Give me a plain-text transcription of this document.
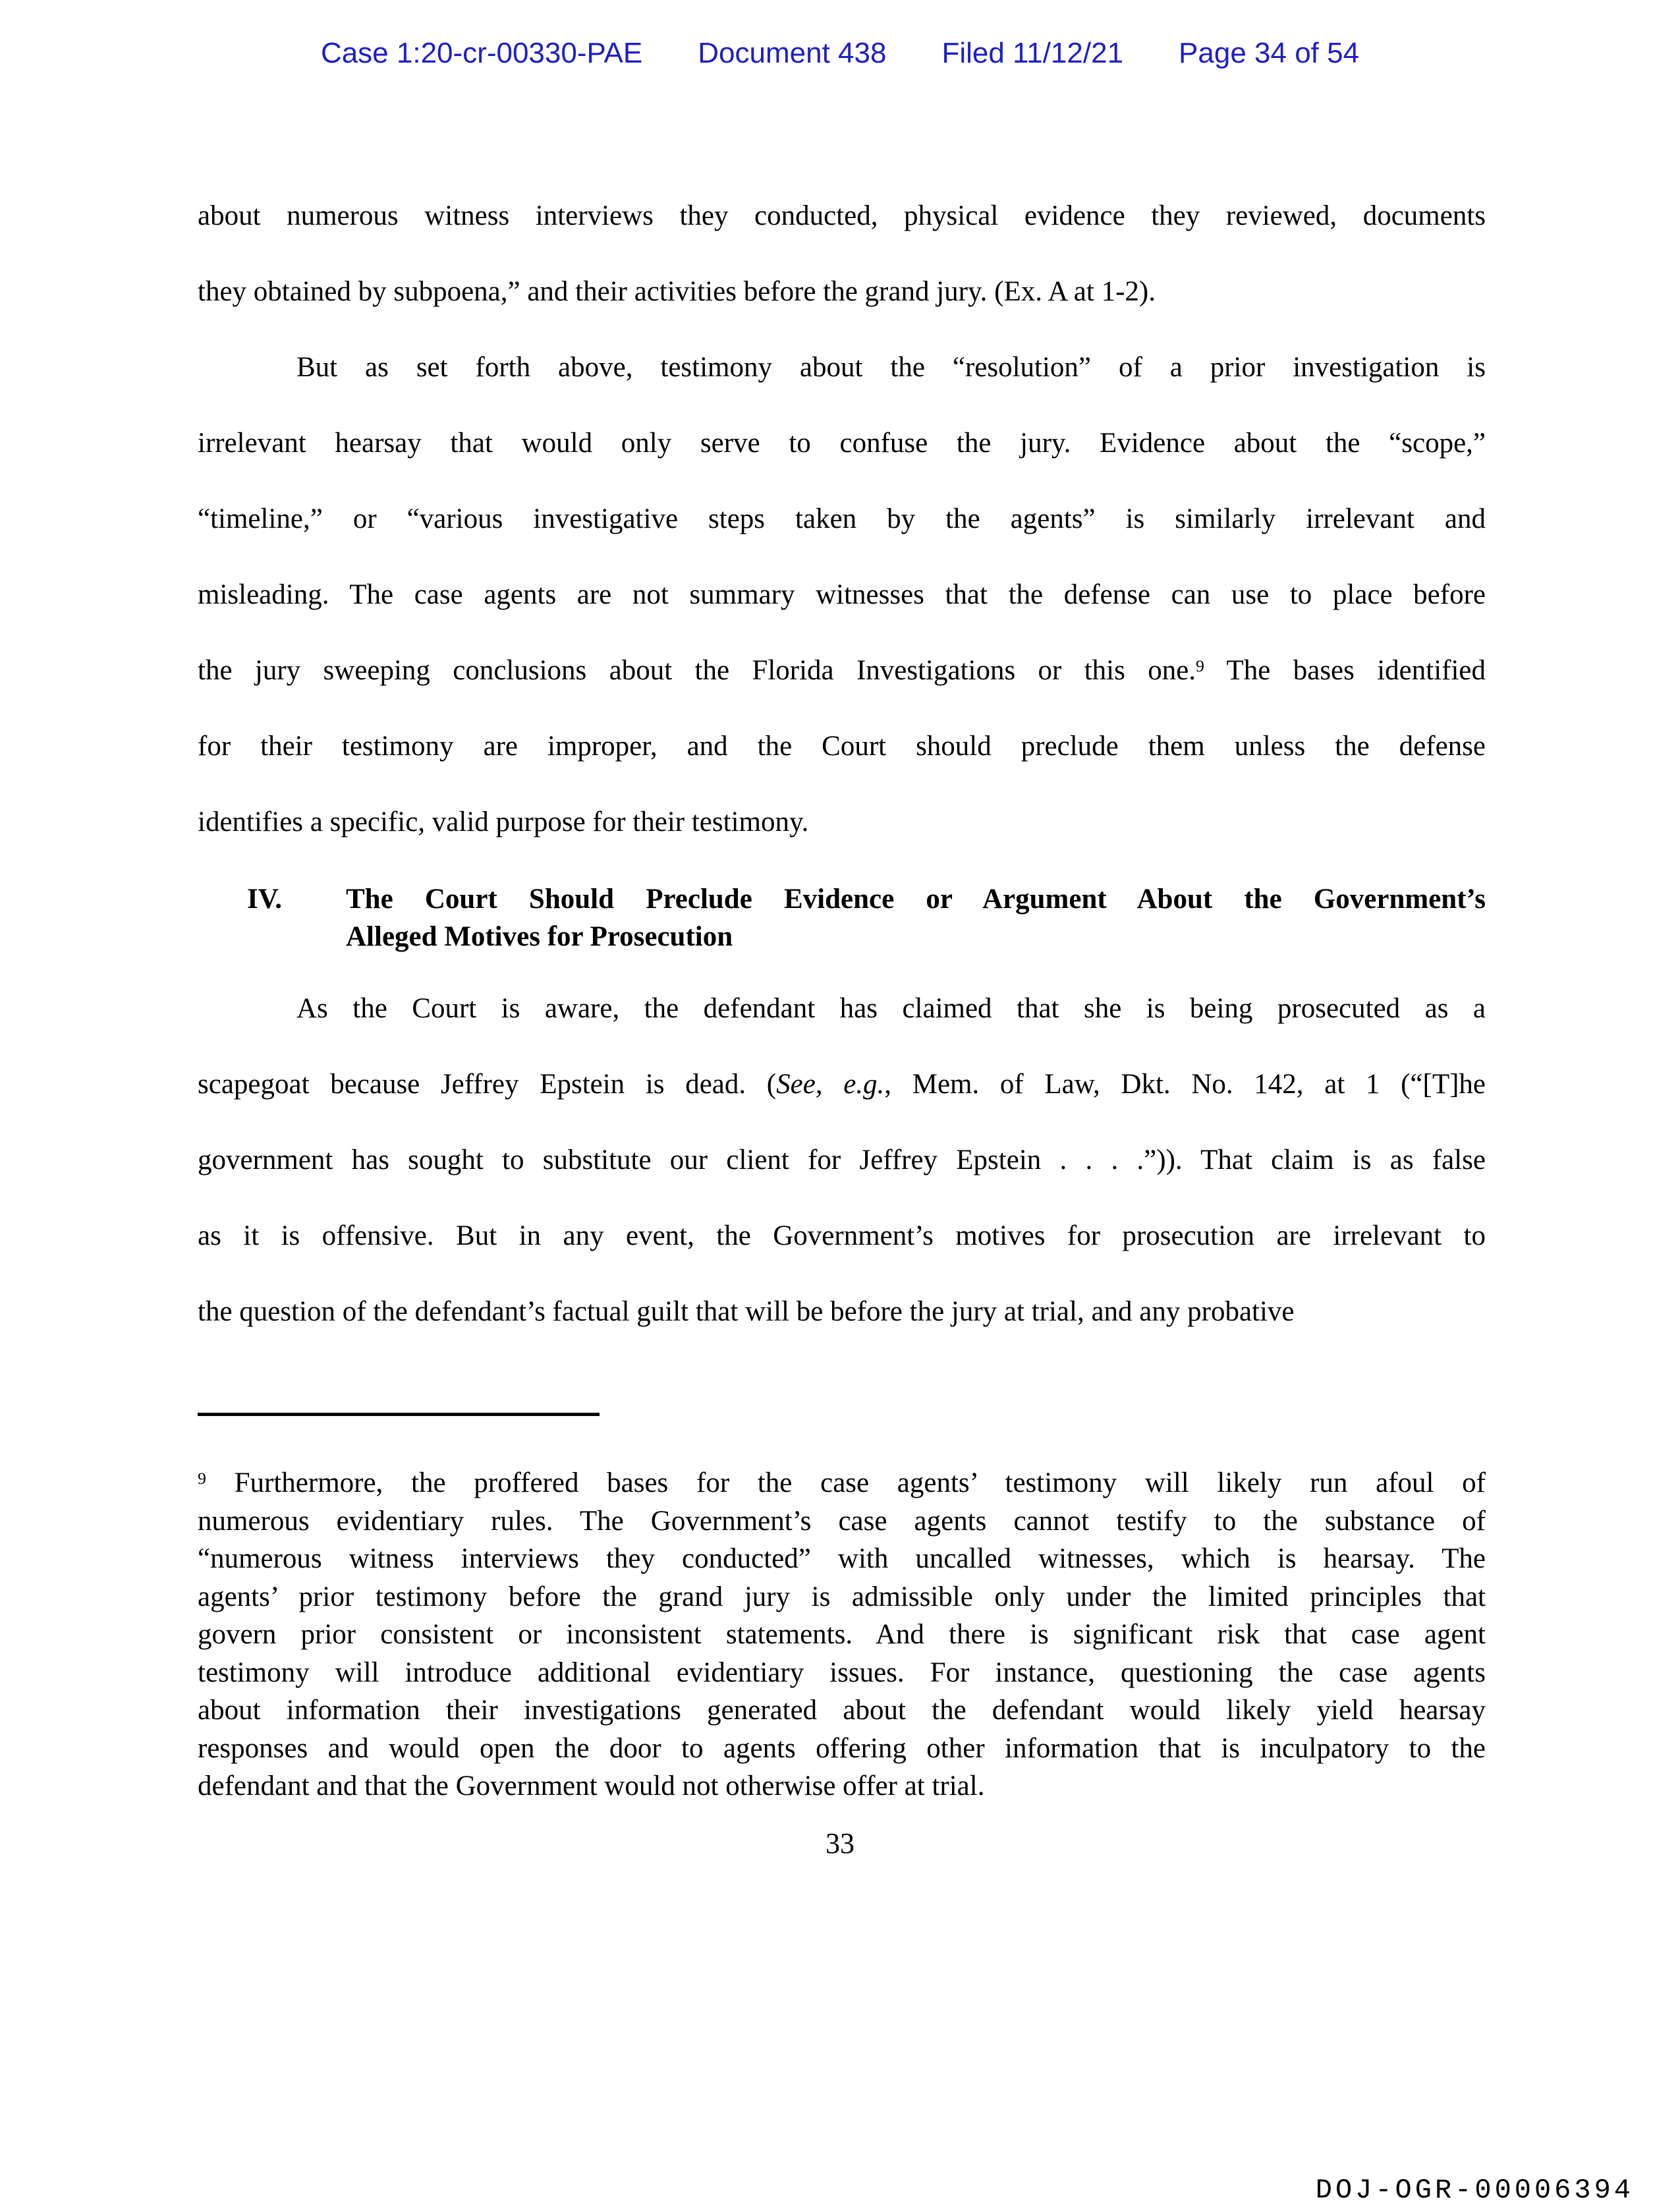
Case 1:20-cr-00330-PAE Document 438 Filed 11/12/21 Page 34 of 54
about numerous witness interviews they conducted, physical evidence they reviewed, documents
they obtained by subpoena,” and their activities before the grand jury. (Ex. A at 1-2).
But as set forth above, testimony about the “resolution” of a prior investigation is
irrelevant hearsay that would only serve to confuse the jury. Evidence about the “scope,”
“timeline,” or “various investigative steps taken by the agents” is similarly irrelevant and
misleading. The case agents are not summary witnesses that the defense can use to place before
the jury sweeping conclusions about the Florida Investigations or this one.$^9$ The bases identified
for their testimony are improper, and the Court should preclude them unless the defense
identifies a specific, valid purpose for their testimony.
IV. The Court Should Preclude Evidence or Argument About the Government’s
Alleged Motives for Prosecution
As the Court is aware, the defendant has claimed that she is being prosecuted as a
scapegoat because Jeffrey Epstein is dead. (See, e.g., Mem. of Law, Dkt. No. 142, at 1 (“[T]he
government has sought to substitute our client for Jeffrey Epstein . . . .”)). That claim is as false
as it is offensive. But in any event, the Government’s motives for prosecution are irrelevant to
the question of the defendant’s factual guilt that will be before the jury at trial, and any probative
$^9$ Furthermore, the proffered bases for the case agents’ testimony will likely run afoul of
numerous evidentiary rules. The Government’s case agents cannot testify to the substance of
“numerous witness interviews they conducted” with uncalled witnesses, which is hearsay. The
agents’ prior testimony before the grand jury is admissible only under the limited principles that
govern prior consistent or inconsistent statements. And there is significant risk that case agent
testimony will introduce additional evidentiary issues. For instance, questioning the case agents
about information their investigations generated about the defendant would likely yield hearsay
responses and would open the door to agents offering other information that is inculpatory to the
defendant and that the Government would not otherwise offer at trial.
33
DOJ-OGR-00006394
